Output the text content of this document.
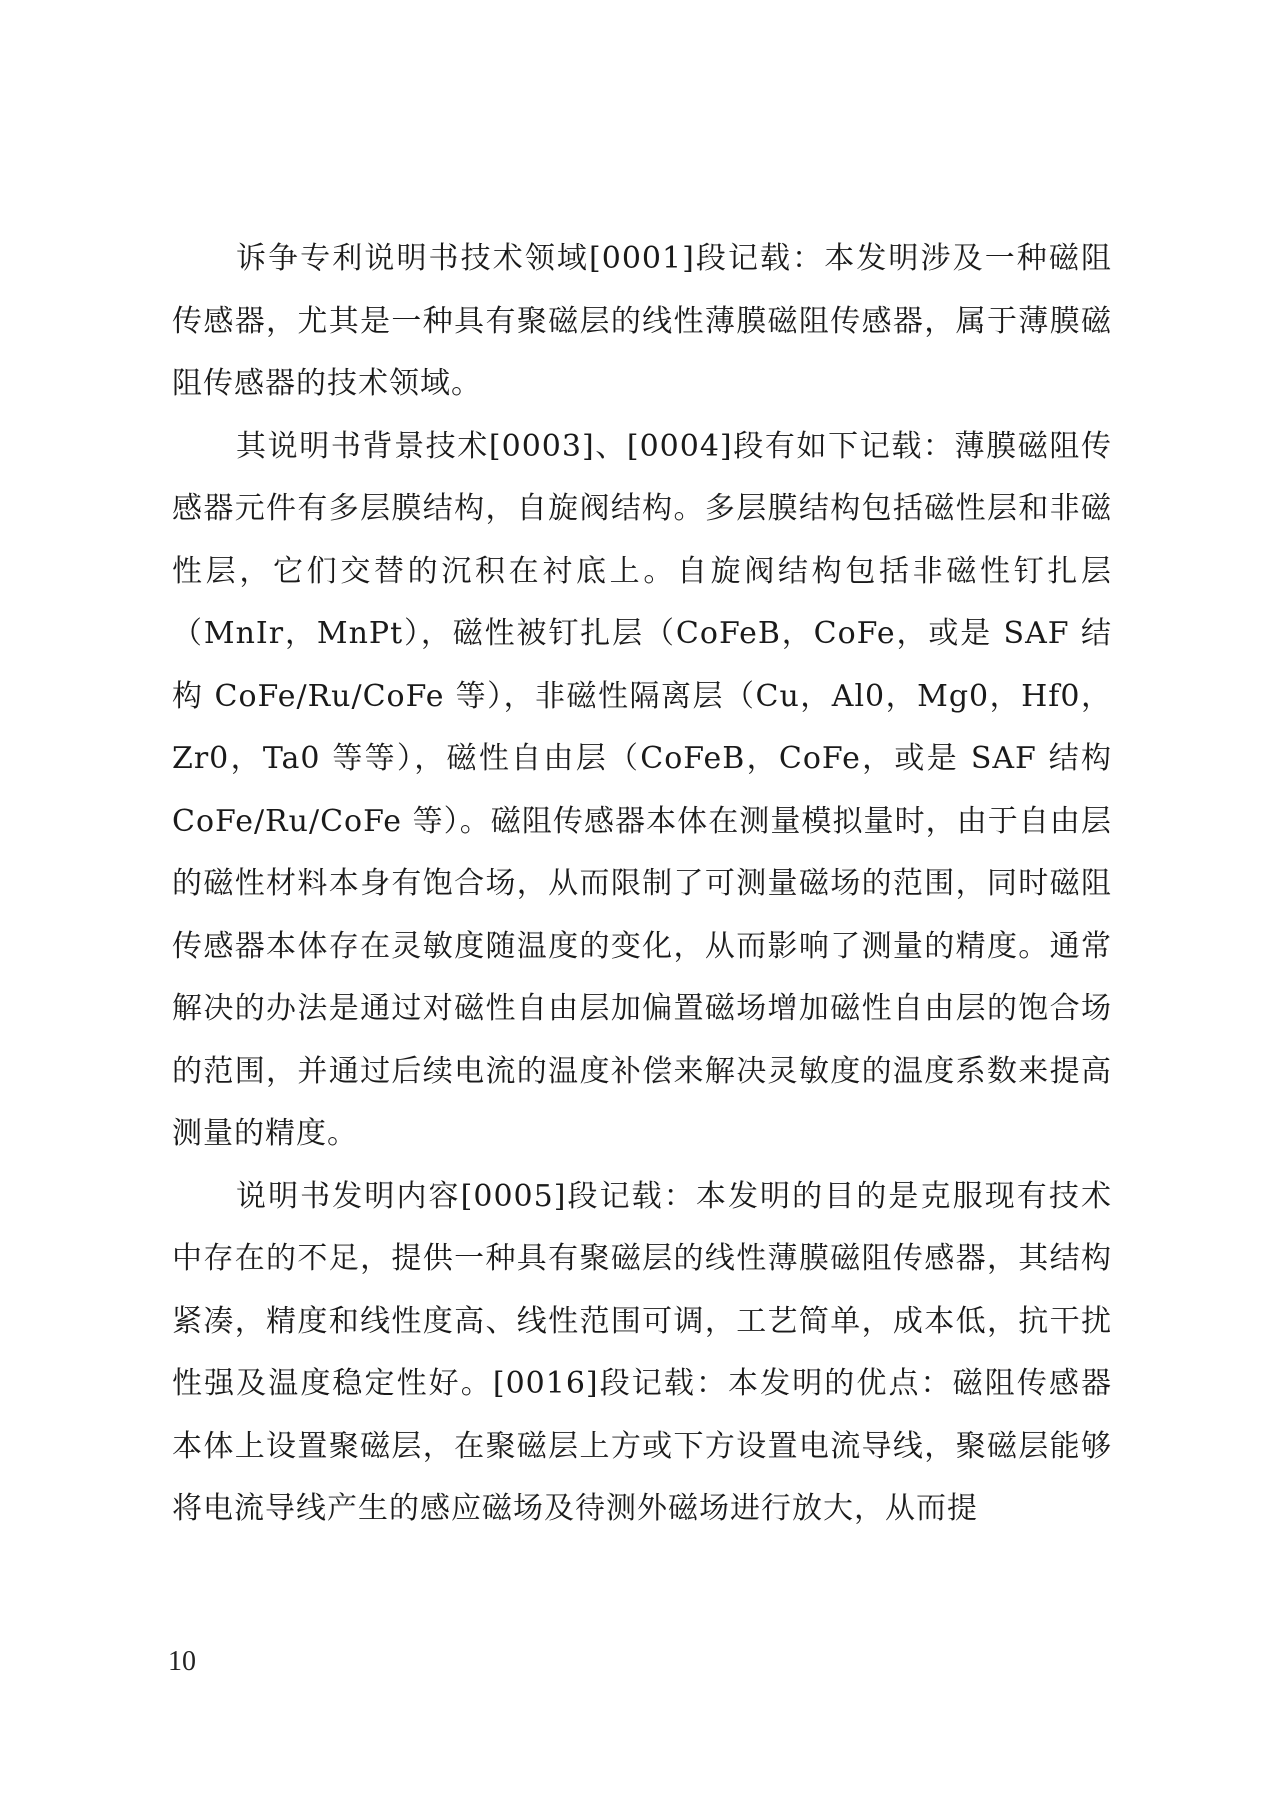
诉争专利说明书技术领域[0001]段记载：本发明涉及一种磁阻传感器，尤其是一种具有聚磁层的线性薄膜磁阻传感器，属于薄膜磁阻传感器的技术领域。

其说明书背景技术[0003]、[0004]段有如下记载：薄膜磁阻传感器元件有多层膜结构，自旋阀结构。多层膜结构包括磁性层和非磁性层，它们交替的沉积在衬底上。自旋阀结构包括非磁性钉扎层（MnIr，MnPt），磁性被钉扎层（CoFeB，CoFe，或是 SAF 结构 CoFe/Ru/CoFe 等），非磁性隔离层（Cu，Al0，Mg0，Hf0，Zr0，Ta0 等等），磁性自由层（CoFeB，CoFe，或是 SAF 结构 CoFe/Ru/CoFe 等）。磁阻传感器本体在测量模拟量时，由于自由层的磁性材料本身有饱合场，从而限制了可测量磁场的范围，同时磁阻传感器本体存在灵敏度随温度的变化，从而影响了测量的精度。通常解决的办法是通过对磁性自由层加偏置磁场增加磁性自由层的饱合场的范围，并通过后续电流的温度补偿来解决灵敏度的温度系数来提高测量的精度。

说明书发明内容[0005]段记载：本发明的目的是克服现有技术中存在的不足，提供一种具有聚磁层的线性薄膜磁阻传感器，其结构紧凑，精度和线性度高、线性范围可调，工艺简单，成本低，抗干扰性强及温度稳定性好。[0016]段记载：本发明的优点：磁阻传感器本体上设置聚磁层，在聚磁层上方或下方设置电流导线，聚磁层能够将电流导线产生的感应磁场及待测外磁场进行放大，从而提

10
